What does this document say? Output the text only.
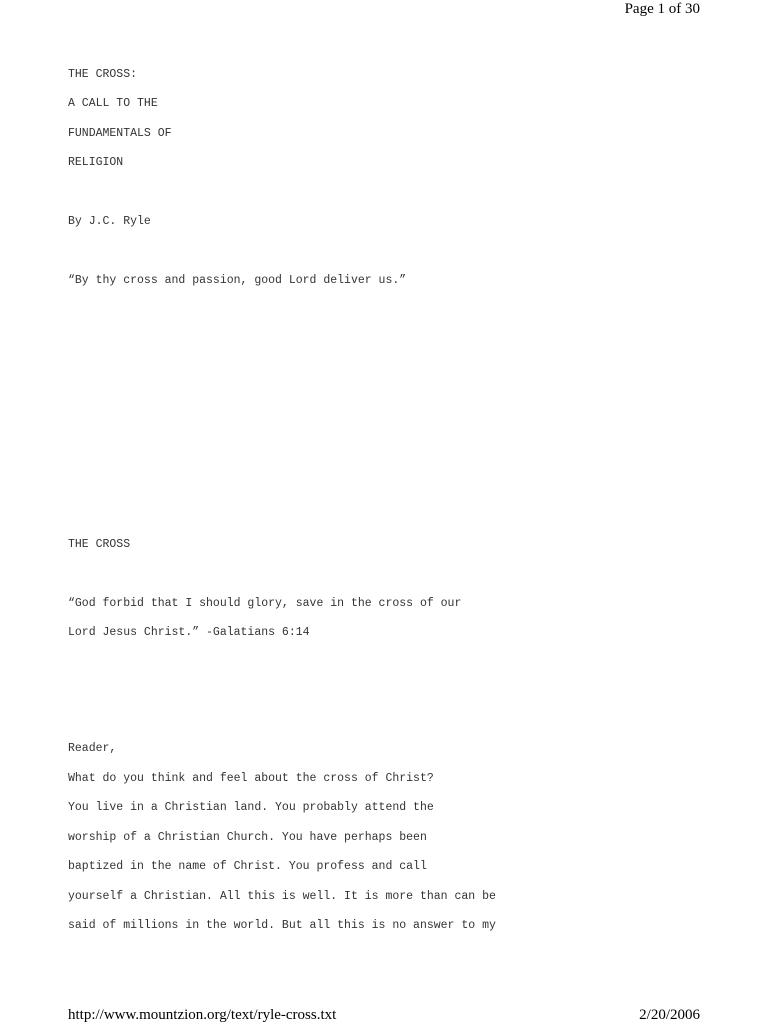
Page 1 of 30
THE CROSS:
A CALL TO THE
FUNDAMENTALS OF
RELIGION
By J.C. Ryle
“By thy cross and passion, good Lord deliver us.”
THE CROSS
“God forbid that I should glory, save in the cross of our
Lord Jesus Christ.” -Galatians 6:14
Reader,
What do you think and feel about the cross of Christ?
You live in a Christian land. You probably attend the
worship of a Christian Church. You have perhaps been
baptized in the name of Christ. You profess and call
yourself a Christian. All this is well. It is more than can be
said of millions in the world. But all this is no answer to my
http://www.mountzion.org/text/ryle-cross.txt	2/20/2006
